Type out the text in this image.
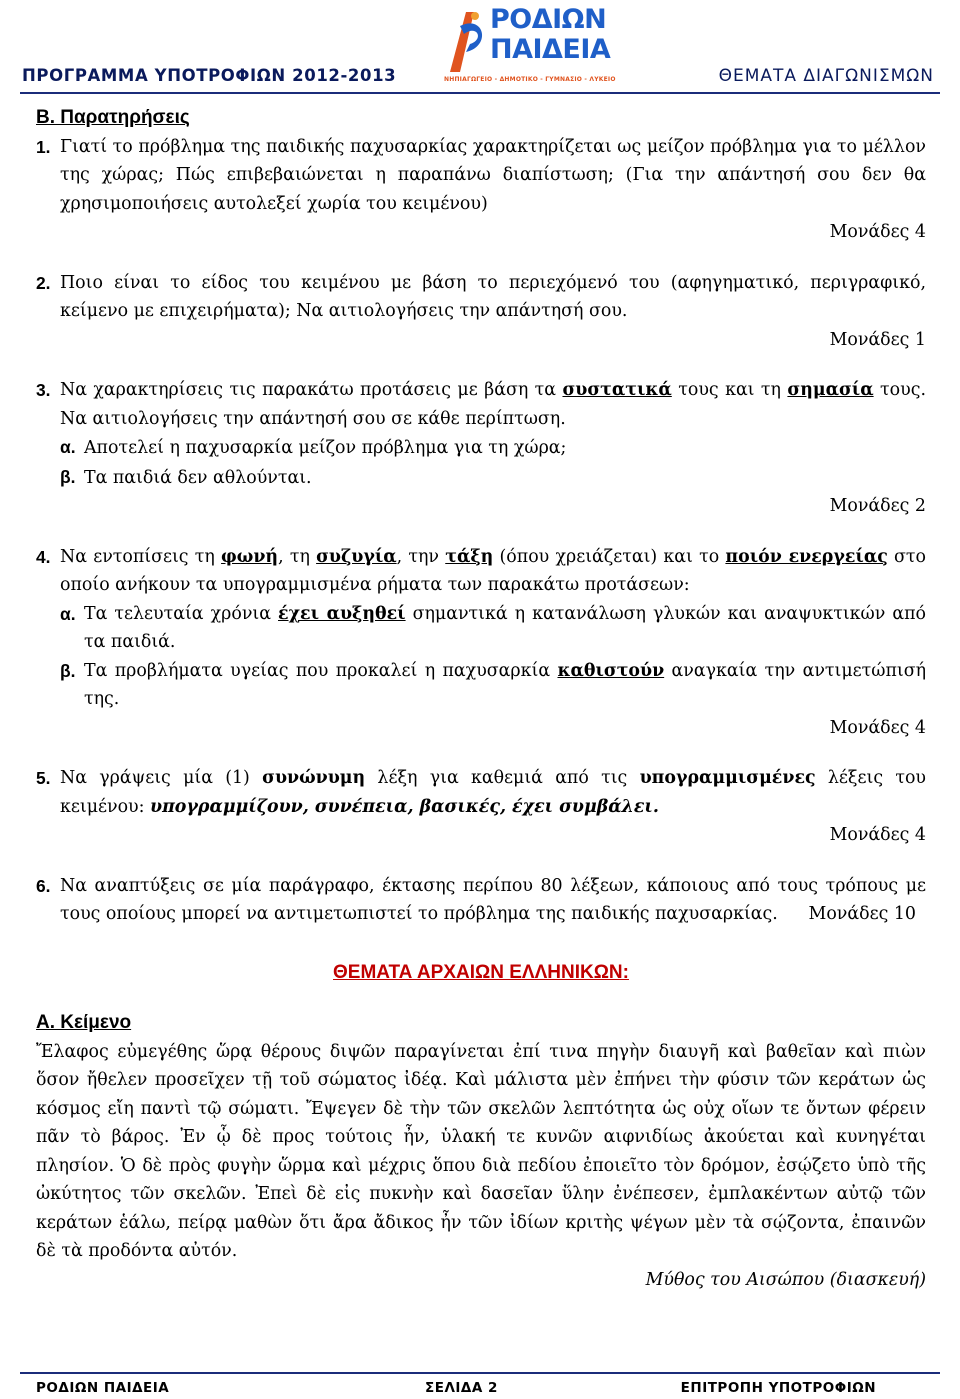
ΠΡΟΓΡΑΜΜΑ ΥΠΟΤΡΟΦΙΩΝ 2012-2013
ΡΟΔΙΩΝ
ΠΑΙΔΕΙΑ
ΝΗΠΙΑΓΩΓΕΙΟ - ΔΗΜΟΤΙΚΟ - ΓΥΜΝΑΣΙΟ - ΛΥΚΕΙΟ	ΘΕΜΑΤΑ ΔΙΑΓΩΝΙΣΜΩΝ

Β. Παρατηρήσεις

1. Γιατί το πρόβλημα της παιδικής παχυσαρκίας χαρακτηρίζεται ως μείζον πρόβλημα για το μέλλον της χώρας; Πώς επιβεβαιώνεται η παραπάνω διαπίστωση; (Για την απάντησή σου δεν θα χρησιμοποιήσεις αυτολεξεί χωρία του κειμένου)
Μονάδες 4
2. Ποιο είναι το είδος του κειμένου με βάση το περιεχόμενό του (αφηγηματικό, περιγραφικό, κείμενο με επιχειρήματα); Να αιτιολογήσεις την απάντησή σου.
Μονάδες 1
3. Να χαρακτηρίσεις τις παρακάτω προτάσεις με βάση τα συστατικά τους και τη σημασία τους. Να αιτιολογήσεις την απάντησή σου σε κάθε περίπτωση.
α. Αποτελεί η παχυσαρκία μείζον πρόβλημα για τη χώρα;
β. Τα παιδιά δεν αθλούνται.
Μονάδες 2
4. Να εντοπίσεις τη φωνή, τη συζυγία, την τάξη (όπου χρειάζεται) και το ποιόν ενεργείας στο οποίο ανήκουν τα υπογραμμισμένα ρήματα των παρακάτω προτάσεων:
α. Τα τελευταία χρόνια έχει αυξηθεί σημαντικά η κατανάλωση γλυκών και αναψυκτικών από τα παιδιά.
β. Τα προβλήματα υγείας που προκαλεί η παχυσαρκία καθιστούν αναγκαία την αντιμετώπισή της.
Μονάδες 4
5. Να γράψεις μία (1) συνώνυμη λέξη για καθεμιά από τις υπογραμμισμένες λέξεις του κειμένου: υπογραμμίζουν, συνέπεια, βασικές, έχει συμβάλει.
Μονάδες 4
6. Να αναπτύξεις σε μία παράγραφο, έκτασης περίπου 80 λέξεων, κάποιους από τους τρόπους με τους οποίους μπορεί να αντιμετωπιστεί το πρόβλημα της παιδικής παχυσαρκίας. Μονάδες 10
ΘΕΜΑΤΑ ΑΡΧΑΙΩΝ ΕΛΛΗΝΙΚΩΝ:

Α. Κείμενο

Ἔλαφος εὐμεγέθης ὥρᾳ θέρους διψῶν παραγίνεται ἐπί τινα πηγὴν διαυγῆ καὶ βαθεῖαν καὶ πιὼν ὅσον ἤθελεν προσεῖχεν τῇ τοῦ σώματος ἰδέᾳ. Καὶ μάλιστα μὲν ἐπήνει τὴν φύσιν τῶν κεράτων ὡς κόσμος εἴη παντὶ τῷ σώματι. Ἔψεγεν δὲ τὴν τῶν σκελῶν λεπτότητα ὡς οὐχ οἵων τε ὄντων φέρειν πᾶν τὸ βάρος. Ἐν ᾧ δὲ προς τούτοις ἦν, ὑλακή τε κυνῶν αιφνιδίως ἀκούεται καὶ κυνηγέται πλησίον. Ὁ δὲ πρὸς φυγὴν ὥρμα καὶ μέχρις ὅπου διὰ πεδίου ἐποιεῖτο τὸν δρόμον, ἐσῴζετο ὑπὸ τῆς ὠκύτητος τῶν σκελῶν. Ἐπεὶ δὲ εἰς πυκνὴν καὶ δασεῖαν ὕλην ἐνέπεσεν, ἐμπλακέντων αὐτῷ τῶν κεράτων ἑάλω, πείρᾳ μαθὼν ὅτι ἄρα ἄδικος ἦν τῶν ἰδίων κριτὴς ψέγων μὲν τὰ σῴζοντα, ἐπαινῶν δὲ τὰ προδόντα αὐτόν.
Μύθος του Αισώπου (διασκευή)
ΡΟΔΙΩΝ ΠΑΙΔΕΙΑ	ΣΕΛΙΔΑ 2	ΕΠΙΤΡΟΠΗ ΥΠΟΤΡΟΦΙΩΝ
